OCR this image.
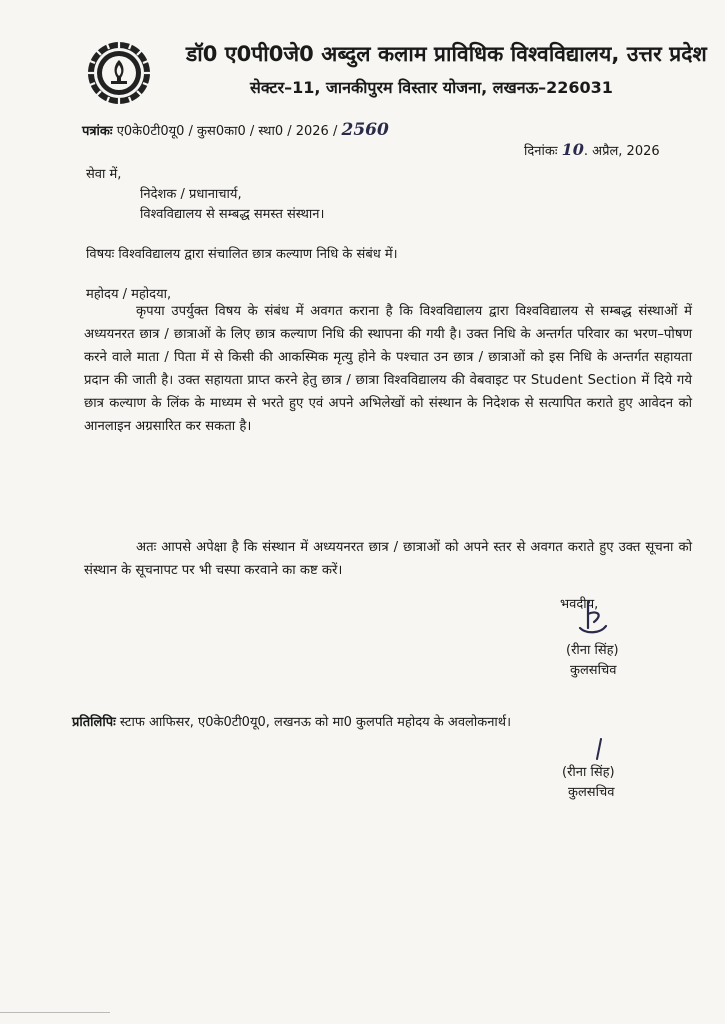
डॉ0 ए0पी0जे0 अब्दुल कलाम प्राविधिक विश्वविद्यालय, उत्तर प्रदेश
सेक्टर–11, जानकीपुरम विस्तार योजना, लखनऊ–226031
पत्रांकः ए0के0टी0यू0 / कुस0का0 / स्था0 / 2026 / 2560
दिनांकः 10. अप्रैल, 2026
सेवा में,
निदेशक / प्रधानाचार्य,
विश्वविद्यालय से सम्बद्ध समस्त संस्थान।
विषयः विश्वविद्यालय द्वारा संचालित छात्र कल्याण निधि के संबंध में।
महोदय / महोदया,
कृपया उपर्युक्त विषय के संबंध में अवगत कराना है कि विश्वविद्यालय द्वारा विश्वविद्यालय से सम्बद्ध संस्थाओं में अध्ययनरत छात्र / छात्राओं के लिए छात्र कल्याण निधि की स्थापना की गयी है। उक्त निधि के अन्तर्गत परिवार का भरण–पोषण करने वाले माता / पिता में से किसी की आकस्मिक मृत्यु होने के पश्चात उन छात्र / छात्राओं को इस निधि के अन्तर्गत सहायता प्रदान की जाती है। उक्त सहायता प्राप्त करने हेतु छात्र / छात्रा विश्वविद्यालय की वेबवाइट पर Student Section में दिये गये छात्र कल्याण के लिंक के माध्यम से भरते हुए एवं अपने अभिलेखों को संस्थान के निदेशक से सत्यापित कराते हुए आवेदन को आनलाइन अग्रसारित कर सकता है।
अतः आपसे अपेक्षा है कि संस्थान में अध्ययनरत छात्र / छात्राओं को अपने स्तर से अवगत कराते हुए उक्त सूचना को संस्थान के सूचनापट पर भी चस्पा करवाने का कष्ट करें।
भवदीय,
(रीना सिंह)
कुलसचिव
प्रतिलिपिः स्टाफ आफिसर, ए0के0टी0यू0, लखनऊ को मा0 कुलपति महोदय के अवलोकनार्थ।
(रीना सिंह)
कुलसचिव
